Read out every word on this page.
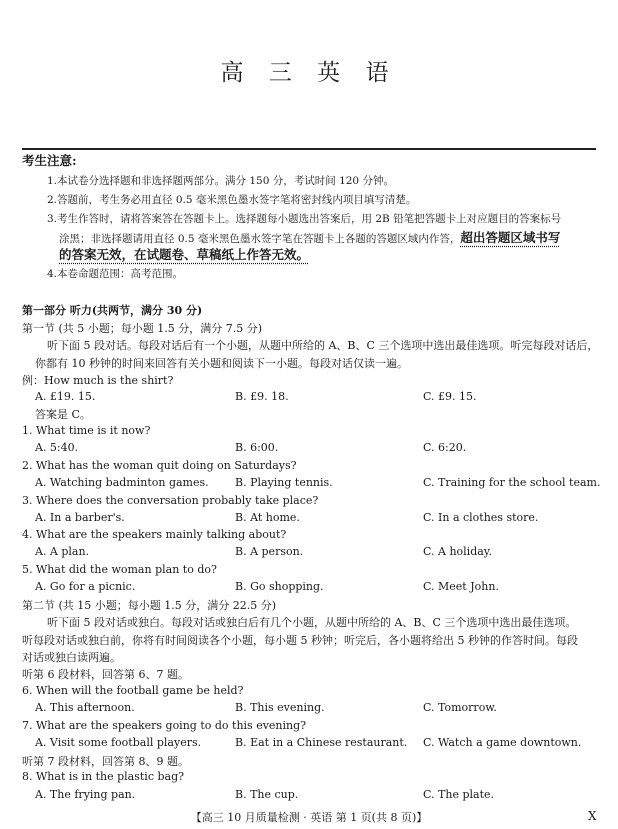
高 三 英 语
考生注意:
1.本试卷分选择题和非选择题两部分。满分 150 分，考试时间 120 分钟。
2.答题前，考生务必用直径 0.5 毫米黑色墨水签字笔将密封线内项目填写清楚。
3.考生作答时，请将答案答在答题卡上。选择题每小题选出答案后，用 2B 铅笔把答题卡上对应题目的答案标号
涂黑；非选择题请用直径 0.5 毫米黑色墨水签字笔在答题卡上各题的答题区域内作答，超出答题区域书写
的答案无效，在试题卷、草稿纸上作答无效。
4.本卷命题范围：高考范围。
第一部分 听力(共两节，满分 30 分)
第一节 (共 5 小题；每小题 1.5 分，满分 7.5 分)
听下面 5 段对话。每段对话后有一个小题，从题中所给的 A、B、C 三个选项中选出最佳选项。听完每段对话后，
你都有 10 秒钟的时间来回答有关小题和阅读下一小题。每段对话仅读一遍。
例：How much is the shirt?
A. £19. 15.	B. £9. 18.	C. £9. 15.
答案是 C。
1. What time is it now?
A. 5:40.	B. 6:00.	C. 6:20.
2. What has the woman quit doing on Saturdays?
A. Watching badminton games. B. Playing tennis.	C. Training for the school team.
3. Where does the conversation probably take place?
A. In a barber's.	B. At home.	C. In a clothes store.
4. What are the speakers mainly talking about?
A. A plan.	B. A person.	C. A holiday.
5. What did the woman plan to do?
A. Go for a picnic.	B. Go shopping.	C. Meet John.
第二节 (共 15 小题；每小题 1.5 分，满分 22.5 分)
听下面 5 段对话或独白。每段对话或独白后有几个小题，从题中所给的 A、B、C 三个选项中选出最佳选项。
听每段对话或独白前，你将有时间阅读各个小题，每小题 5 秒钟；听完后，各小题将给出 5 秒钟的作答时间。每段
对话或独白读两遍。
听第 6 段材料，回答第 6、7 题。
6. When will the football game be held?
A. This afternoon.	B. This evening.	C. Tomorrow.
7. What are the speakers going to do this evening?
A. Visit some football players.	B. Eat in a Chinese restaurant. C. Watch a game downtown.
听第 7 段材料，回答第 8、9 题。
8. What is in the plastic bag?
A. The frying pan.	B. The cup.	C. The plate.
【高三 10 月质量检测 · 英语 第 1 页(共 8 页)】	X
